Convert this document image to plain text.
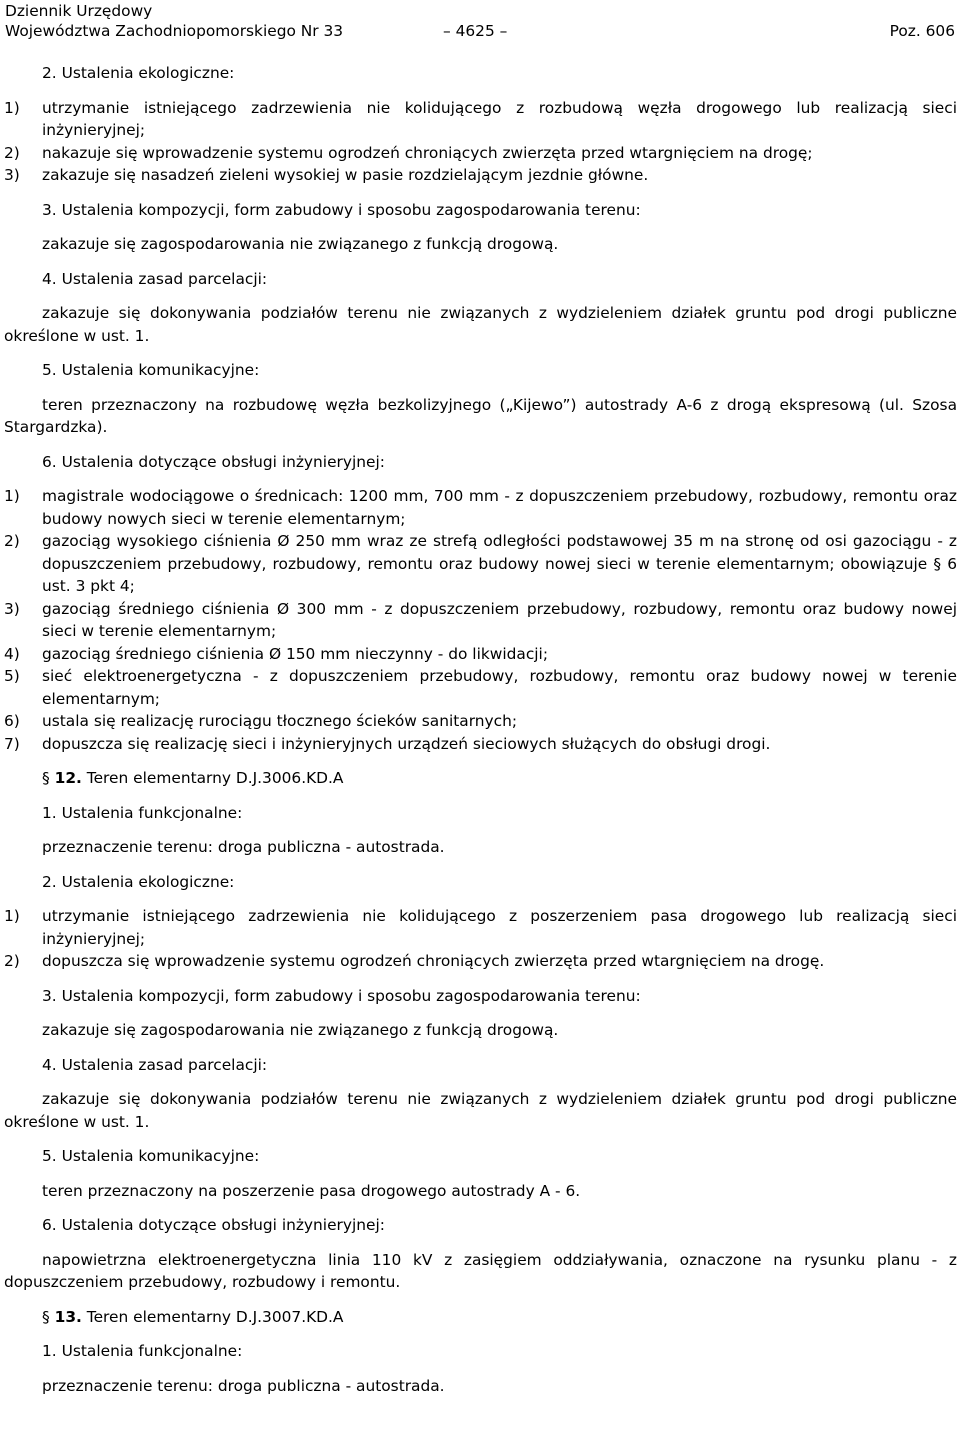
Dziennik Urzędowy
Województwa Zachodniopomorskiego Nr 33	– 4625 –	Poz. 606

2. Ustalenia ekologiczne:

1) utrzymanie istniejącego zadrzewienia nie kolidującego z rozbudową węzła drogowego lub realizacją sieci inżynieryjnej;
2) nakazuje się wprowadzenie systemu ogrodzeń chroniących zwierzęta przed wtargnięciem na drogę;
3) zakazuje się nasadzeń zieleni wysokiej w pasie rozdzielającym jezdnie główne.

3. Ustalenia kompozycji, form zabudowy i sposobu zagospodarowania terenu:

zakazuje się zagospodarowania nie związanego z funkcją drogową.

4. Ustalenia zasad parcelacji:

zakazuje się dokonywania podziałów terenu nie związanych z wydzieleniem działek gruntu pod drogi publiczne określone w ust. 1.

5. Ustalenia komunikacyjne:

teren przeznaczony na rozbudowę węzła bezkolizyjnego („Kijewo”) autostrady A-6 z drogą ekspresową (ul. Szosa Stargardzka).

6. Ustalenia dotyczące obsługi inżynieryjnej:

1) magistrale wodociągowe o średnicach: 1200 mm, 700 mm - z dopuszczeniem przebudowy, rozbudowy, remontu oraz budowy nowych sieci w terenie elementarnym;
2) gazociąg wysokiego ciśnienia Ø 250 mm wraz ze strefą odległości podstawowej 35 m na stronę od osi gazociągu - z dopuszczeniem przebudowy, rozbudowy, remontu oraz budowy nowej sieci w terenie elementarnym; obowiązuje § 6 ust. 3 pkt 4;
3) gazociąg średniego ciśnienia Ø 300 mm - z dopuszczeniem przebudowy, rozbudowy, remontu oraz budowy nowej sieci w terenie elementarnym;
4) gazociąg średniego ciśnienia Ø 150 mm nieczynny - do likwidacji;
5) sieć elektroenergetyczna - z dopuszczeniem przebudowy, rozbudowy, remontu oraz budowy nowej w terenie elementarnym;
6) ustala się realizację rurociągu tłocznego ścieków sanitarnych;
7) dopuszcza się realizację sieci i inżynieryjnych urządzeń sieciowych służących do obsługi drogi.

§ 12. Teren elementarny D.J.3006.KD.A

1. Ustalenia funkcjonalne:

przeznaczenie terenu: droga publiczna - autostrada.

2. Ustalenia ekologiczne:

1) utrzymanie istniejącego zadrzewienia nie kolidującego z poszerzeniem pasa drogowego lub realizacją sieci inżynieryjnej;
2) dopuszcza się wprowadzenie systemu ogrodzeń chroniących zwierzęta przed wtargnięciem na drogę.

3. Ustalenia kompozycji, form zabudowy i sposobu zagospodarowania terenu:

zakazuje się zagospodarowania nie związanego z funkcją drogową.

4. Ustalenia zasad parcelacji:

zakazuje się dokonywania podziałów terenu nie związanych z wydzieleniem działek gruntu pod drogi publiczne określone w ust. 1.

5. Ustalenia komunikacyjne:

teren przeznaczony na poszerzenie pasa drogowego autostrady A - 6.

6. Ustalenia dotyczące obsługi inżynieryjnej:

napowietrzna elektroenergetyczna linia 110 kV z zasięgiem oddziaływania, oznaczone na rysunku planu - z dopuszczeniem przebudowy, rozbudowy i remontu.

§ 13. Teren elementarny D.J.3007.KD.A

1. Ustalenia funkcjonalne:

przeznaczenie terenu: droga publiczna - autostrada.
